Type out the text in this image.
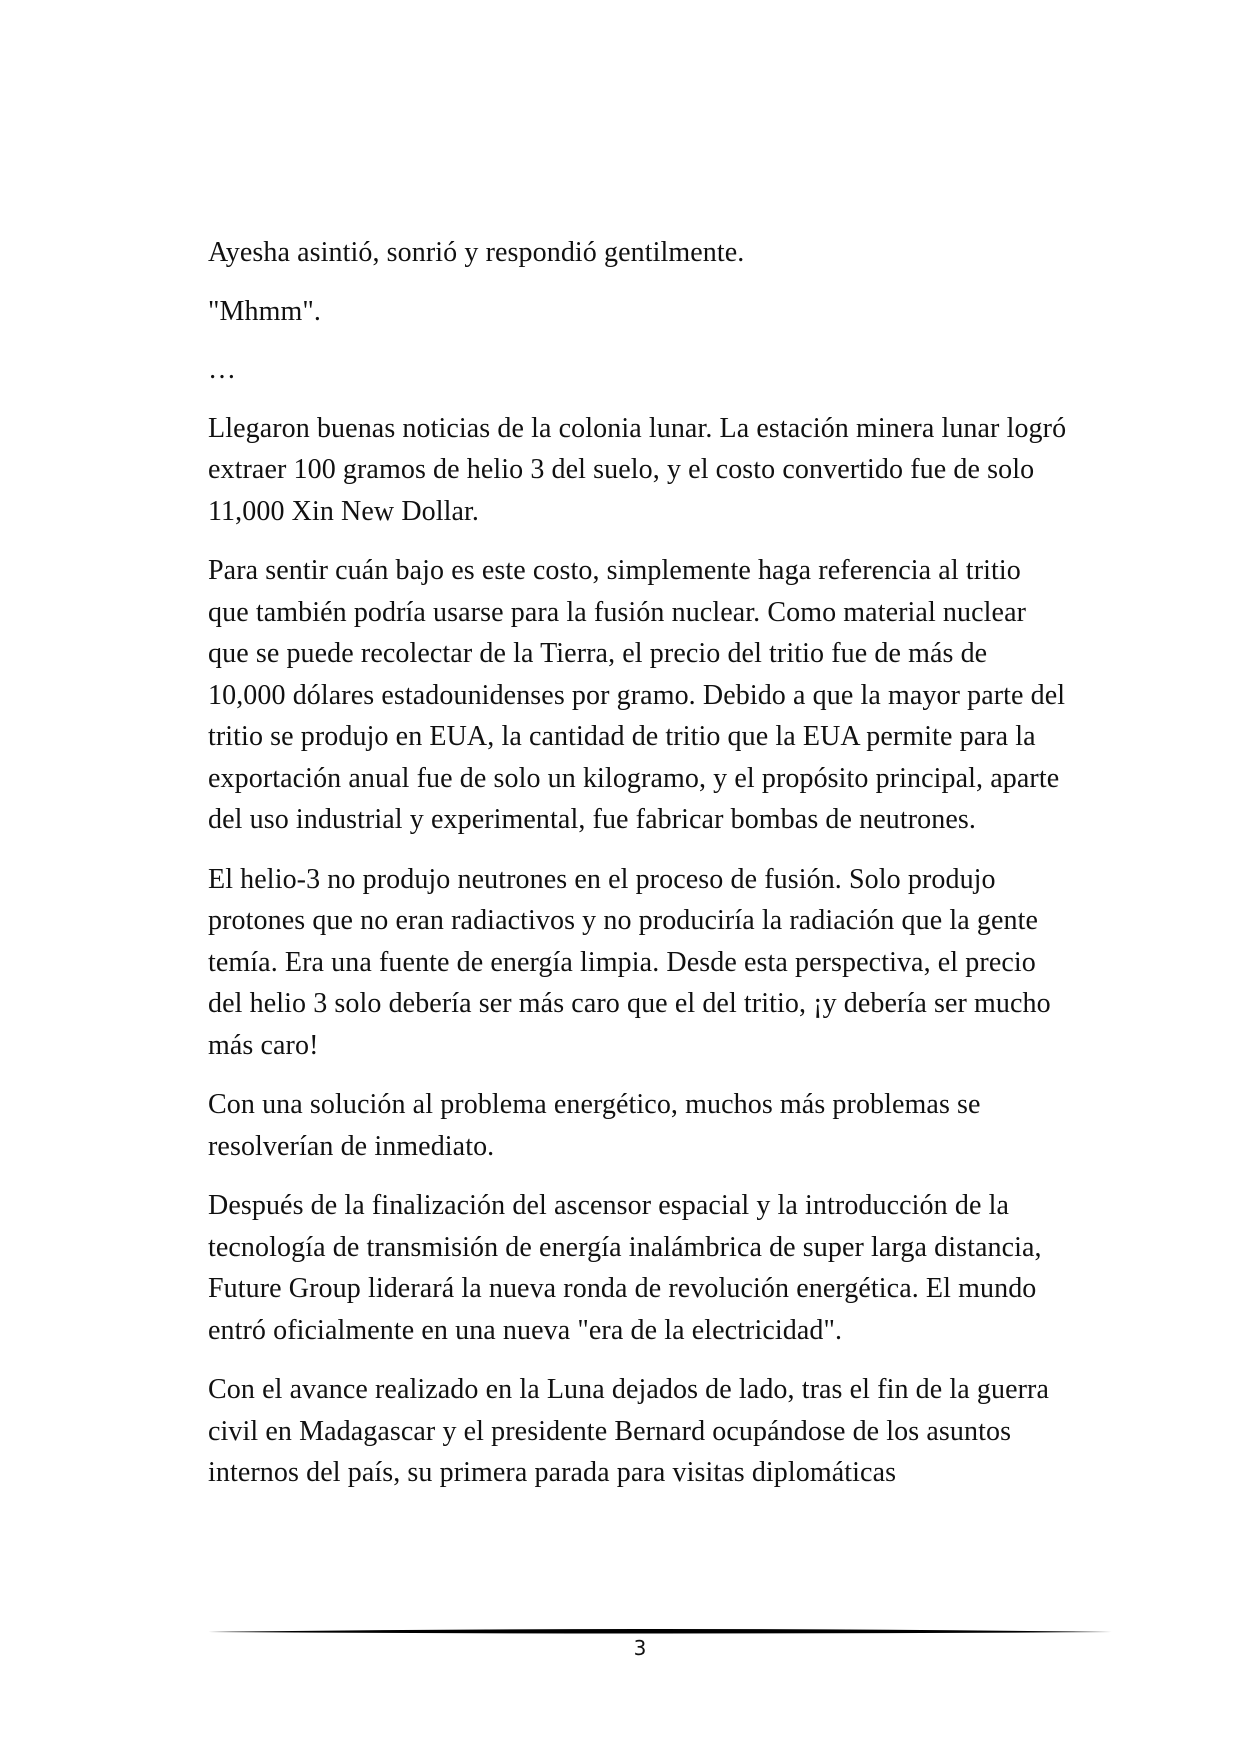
Ayesha asintió, sonrió y respondió gentilmente.

"Mhmm".

…

Llegaron buenas noticias de la colonia lunar. La estación minera lunar logró extraer 100 gramos de helio 3 del suelo, y el costo convertido fue de solo 11,000 Xin New Dollar.

Para sentir cuán bajo es este costo, simplemente haga referencia al tritio que también podría usarse para la fusión nuclear. Como material nuclear que se puede recolectar de la Tierra, el precio del tritio fue de más de 10,000 dólares estadounidenses por gramo. Debido a que la mayor parte del tritio se produjo en EUA, la cantidad de tritio que la EUA permite para la exportación anual fue de solo un kilogramo, y el propósito principal, aparte del uso industrial y experimental, fue fabricar bombas de neutrones.

El helio-3 no produjo neutrones en el proceso de fusión. Solo produjo protones que no eran radiactivos y no produciría la radiación que la gente temía. Era una fuente de energía limpia. Desde esta perspectiva, el precio del helio 3 solo debería ser más caro que el del tritio, ¡y debería ser mucho más caro!

Con una solución al problema energético, muchos más problemas se resolverían de inmediato.

Después de la finalización del ascensor espacial y la introducción de la tecnología de transmisión de energía inalámbrica de super larga distancia, Future Group liderará la nueva ronda de revolución energética. El mundo entró oficialmente en una nueva "era de la electricidad".

Con el avance realizado en la Luna dejados de lado, tras el fin de la guerra civil en Madagascar y el presidente Bernard ocupándose de los asuntos internos del país, su primera parada para visitas diplomáticas

3
